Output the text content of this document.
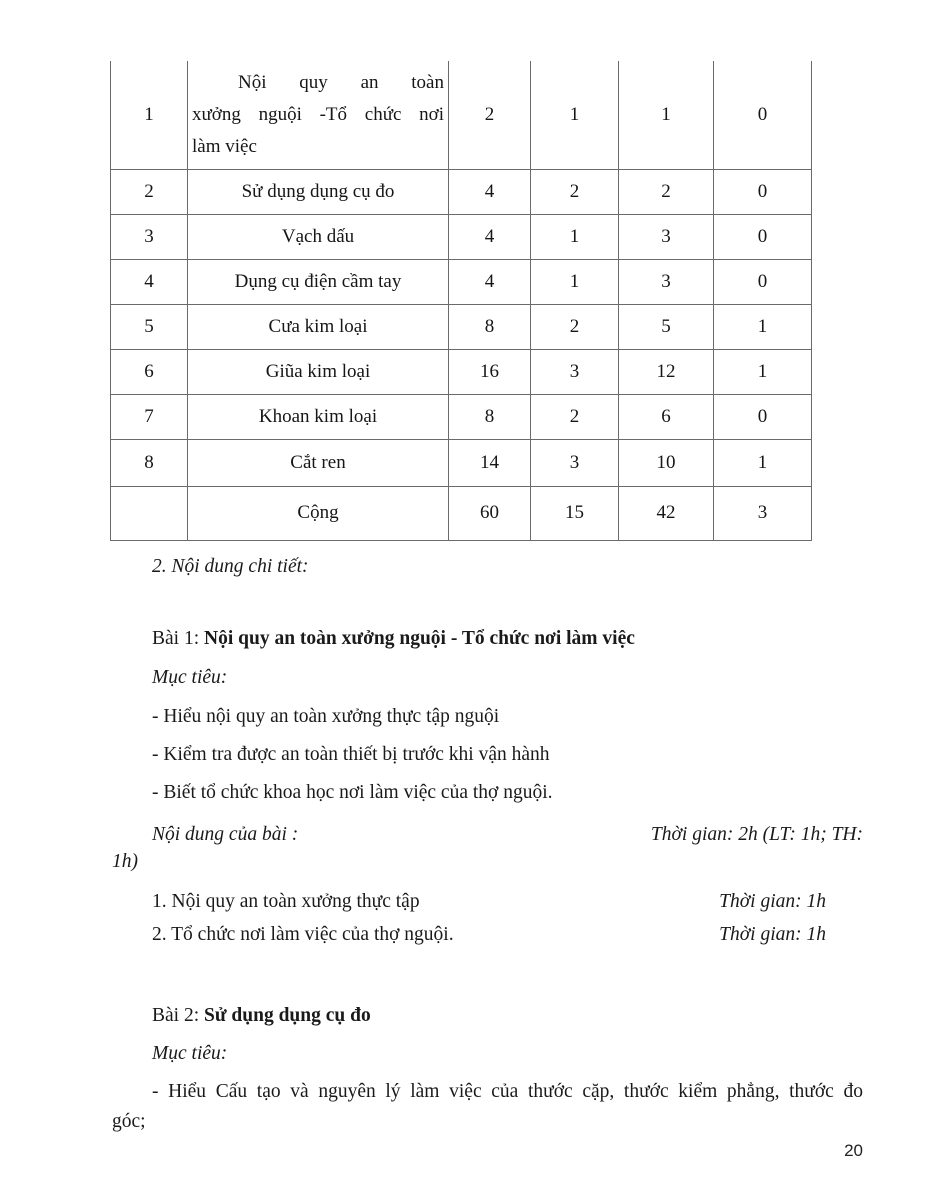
1	Nội quy an toàn
xưởng nguội -Tổ chức nơi
làm việc	2	1	1	0
2	Sử dụng dụng cụ đo	4	2	2	0
3	Vạch dấu	4	1	3	0
4	Dụng cụ điện cầm tay	4	1	3	0
5	Cưa kim loại	8	2	5	1
6	Giũa kim loại	16	3	12	1
7	Khoan kim loại	8	2	6	0
8	Cắt ren	14	3	10	1
	Cộng	60	15	42	3
2. Nội dung chi tiết:
Bài 1: Nội quy an toàn xưởng nguội - Tổ chức nơi làm việc
Mục tiêu:
- Hiểu nội quy an toàn xưởng thực tập nguội
- Kiểm tra được an toàn thiết bị trước khi vận hành
- Biết tổ chức khoa học nơi làm việc của thợ nguội.
Nội dung của bài :	Thời gian: 2h (LT: 1h; TH:
1h)
1. Nội quy an toàn xưởng thực tập	Thời gian: 1h
2. Tổ chức nơi làm việc của thợ nguội.	Thời gian: 1h
Bài 2: Sử dụng dụng cụ đo
Mục tiêu:
- Hiểu Cấu tạo và nguyên lý làm việc của thước cặp, thước kiểm phẳng, thước đo
góc;
20
